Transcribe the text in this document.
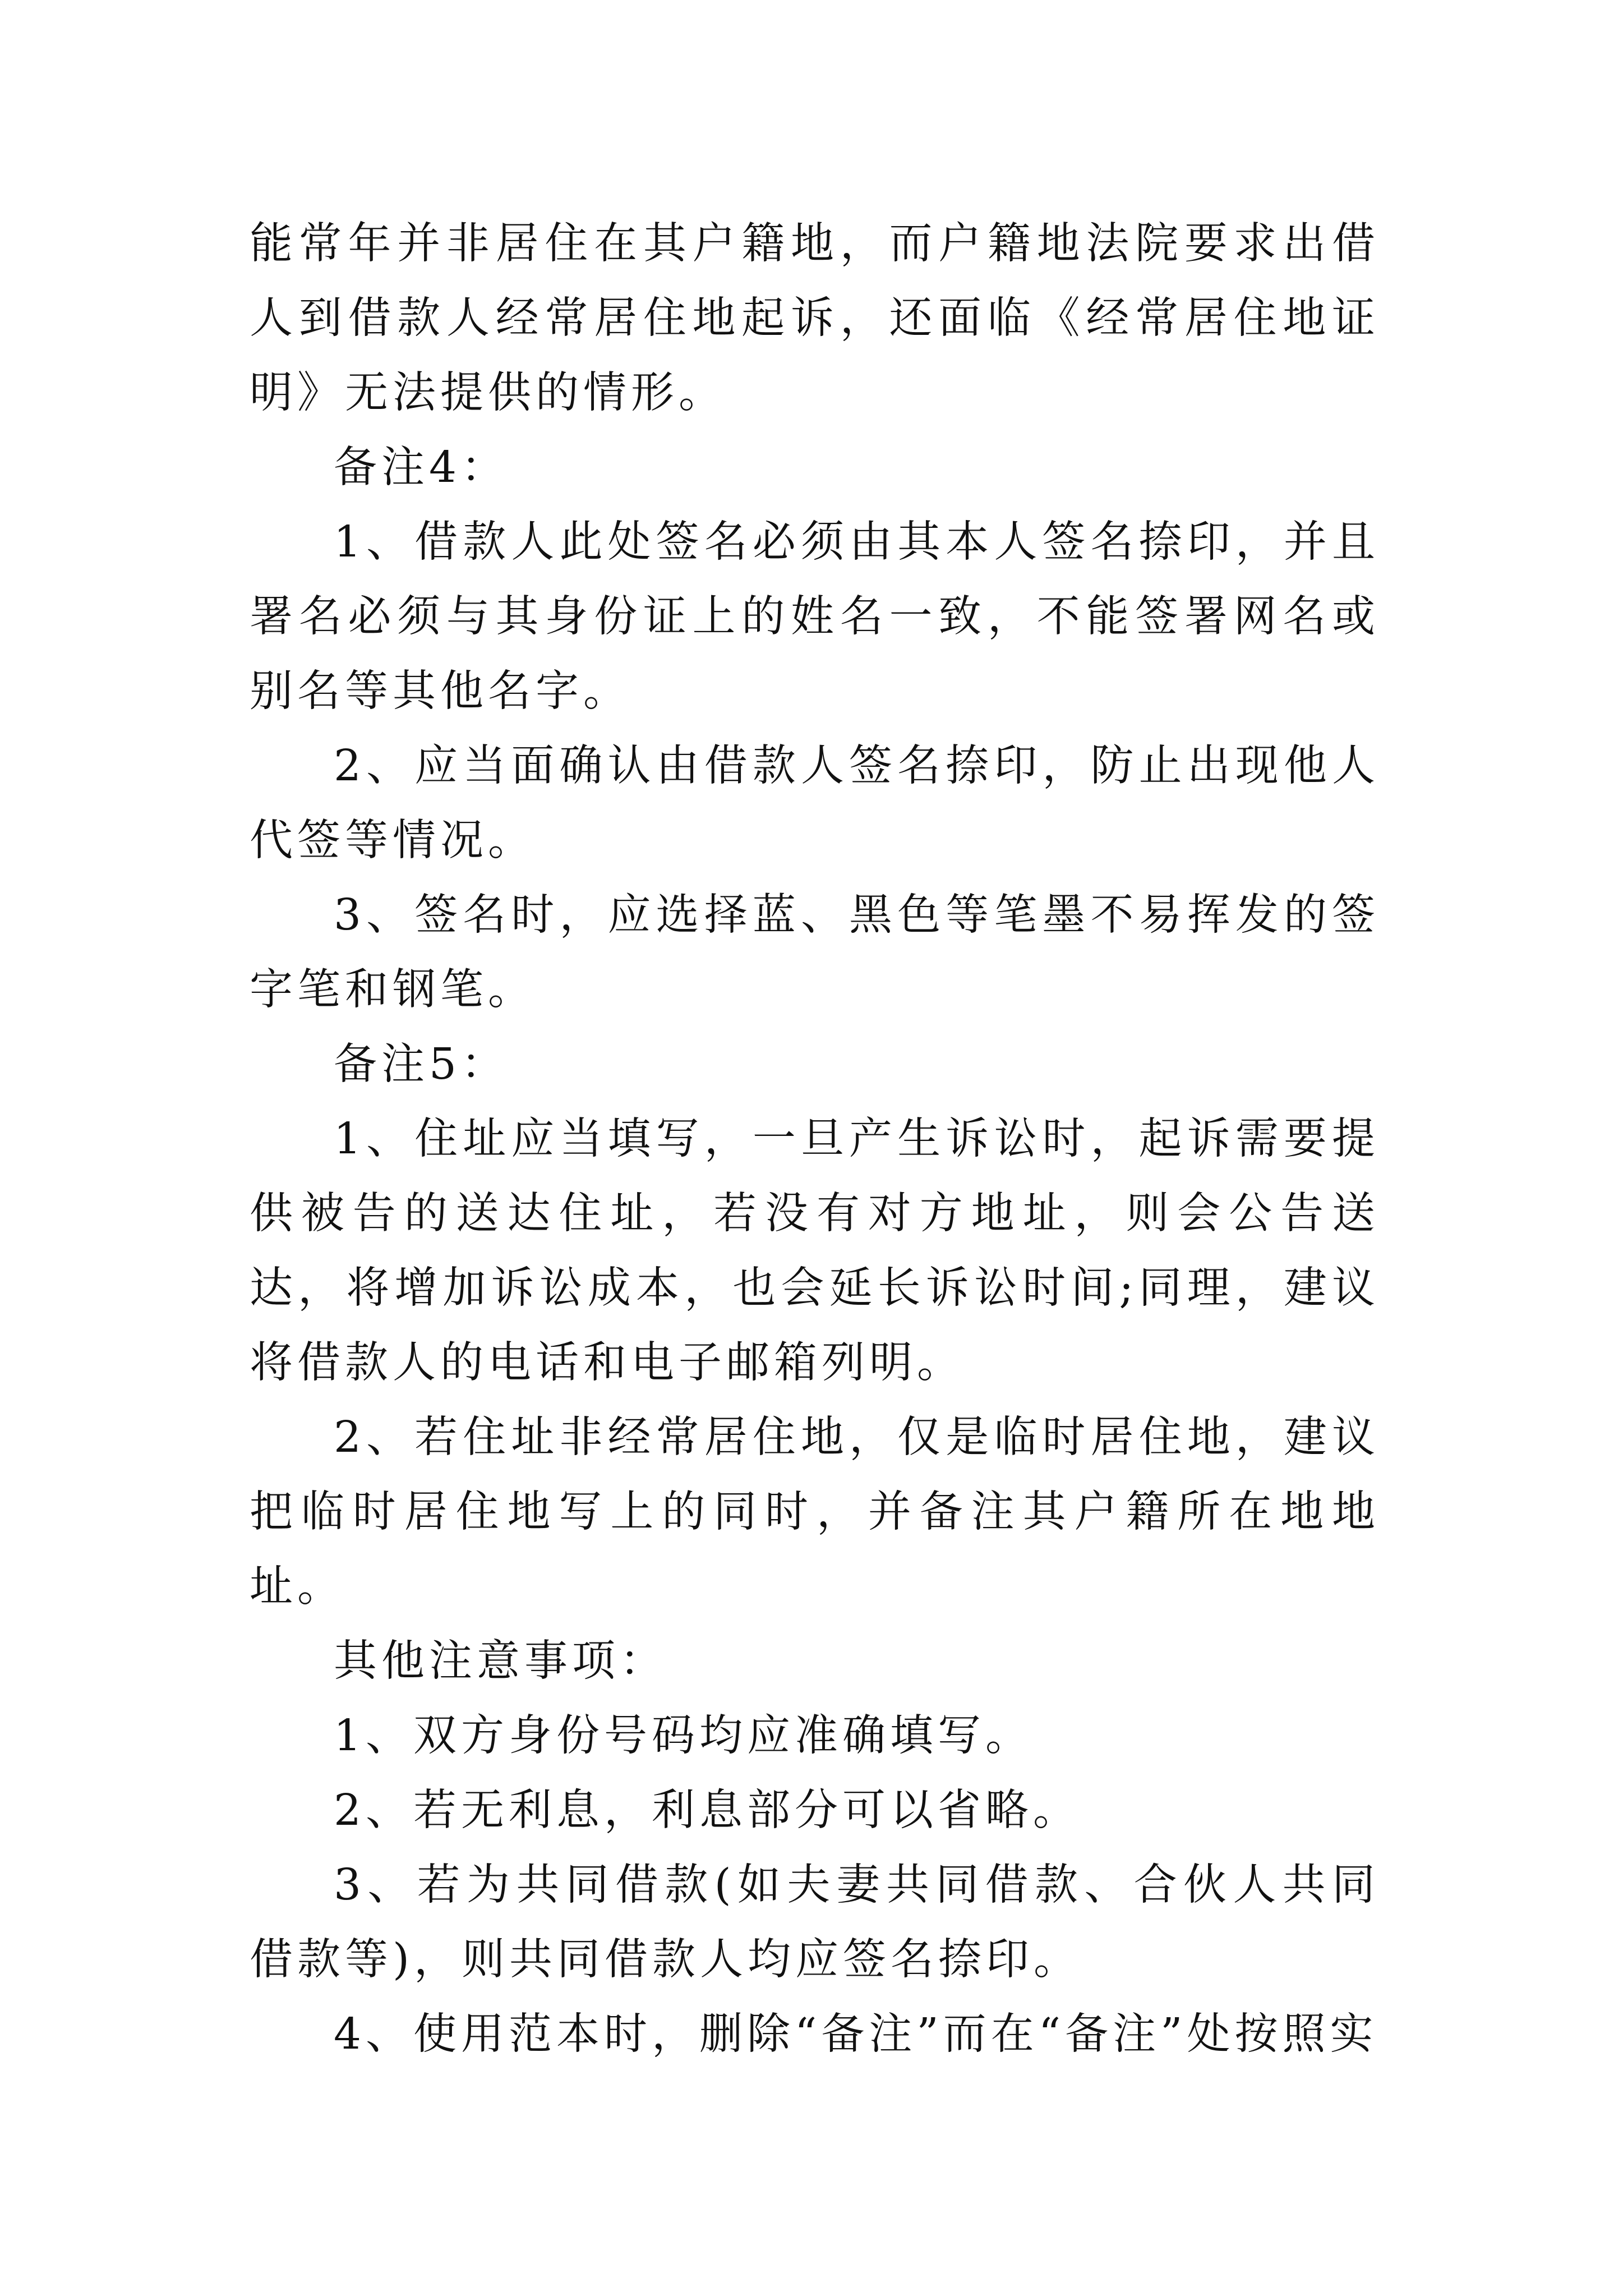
能常年并非居住在其户籍地，而户籍地法院要求出借人到借款人经常居住地起诉，还面临《经常居住地证明》无法提供的情形。

备注4：

1、借款人此处签名必须由其本人签名捺印，并且署名必须与其身份证上的姓名一致，不能签署网名或别名等其他名字。

2、应当面确认由借款人签名捺印，防止出现他人代签等情况。

3、签名时，应选择蓝、黑色等笔墨不易挥发的签字笔和钢笔。

备注5：

1、住址应当填写，一旦产生诉讼时，起诉需要提供被告的送达住址，若没有对方地址，则会公告送达，将增加诉讼成本，也会延长诉讼时间;同理，建议将借款人的电话和电子邮箱列明。

2、若住址非经常居住地，仅是临时居住地，建议把临时居住地写上的同时，并备注其户籍所在地地址。

其他注意事项：

1、双方身份号码均应准确填写。

2、若无利息，利息部分可以省略。

3、若为共同借款(如夫妻共同借款、合伙人共同借款等)，则共同借款人均应签名捺印。

4、使用范本时，删除“备注”而在“备注”处按照实
